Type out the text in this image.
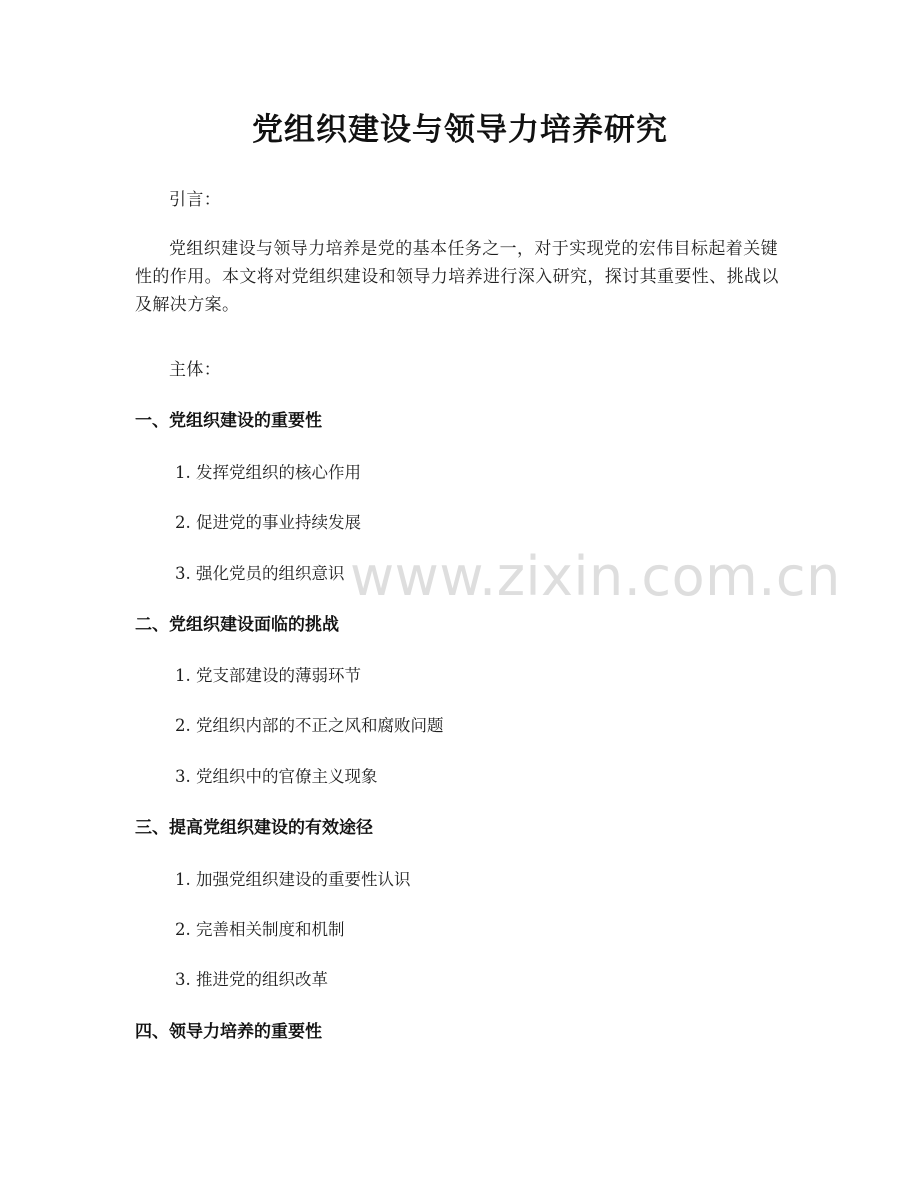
党组织建设与领导力培养研究
引言：
党组织建设与领导力培养是党的基本任务之一，对于实现党的宏伟目标起着关键性的作用。本文将对党组织建设和领导力培养进行深入研究，探讨其重要性、挑战以及解决方案。
主体：
一、党组织建设的重要性
1. 发挥党组织的核心作用
2. 促进党的事业持续发展
3. 强化党员的组织意识
二、党组织建设面临的挑战
1. 党支部建设的薄弱环节
2. 党组织内部的不正之风和腐败问题
3. 党组织中的官僚主义现象
三、提高党组织建设的有效途径
1. 加强党组织建设的重要性认识
2. 完善相关制度和机制
3. 推进党的组织改革
四、领导力培养的重要性
www.zixin.com.cn
